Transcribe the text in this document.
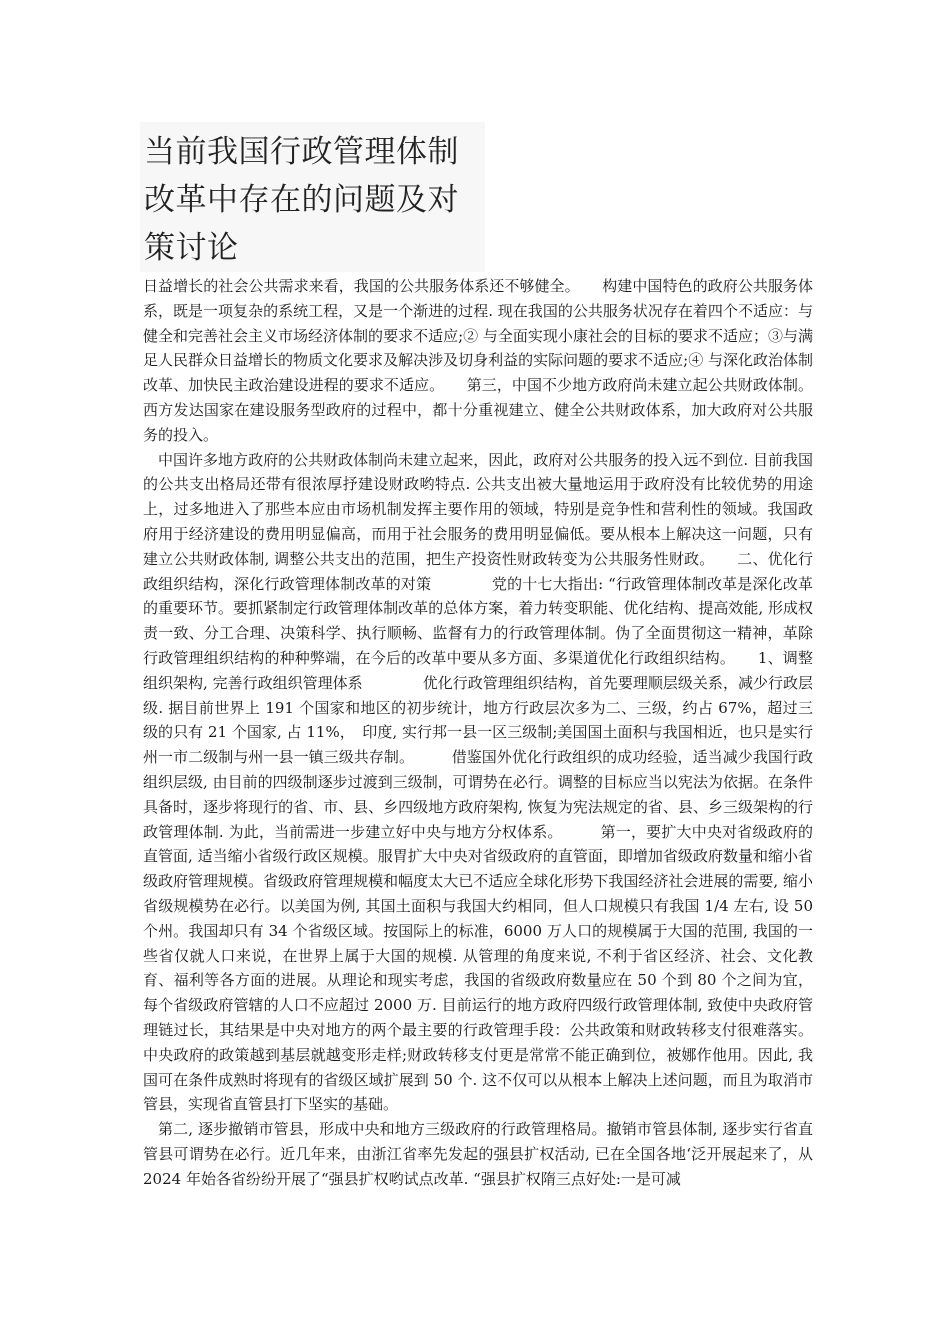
当前我国行政管理体制改革中存在的问题及对策讨论

日益增长的社会公共需求来看，我国的公共服务体系还不够健全。　　构建中国特色的政府公共服务体系，既是一项复杂的系统工程，又是一个渐进的过程. 现在我国的公共服务状况存在着四个不适应：与健全和完善社会主义市场经济体制的要求不适应;② 与全面实现小康社会的目标的要求不适应；③与满足人民群众日益增长的物质文化要求及解决涉及切身利益的实际问题的要求不适应;④ 与深化政治体制改革、加快民主政治建设进程的要求不适应。　　第三，中国不少地方政府尚未建立起公共财政体制。西方发达国家在建设服务型政府的过程中，都十分重视建立、健全公共财政体系，加大政府对公共服务的投入。

中国许多地方政府的公共财政体制尚未建立起来，因此，政府对公共服务的投入远不到位. 目前我国的公共支出格局还带有很浓厚抒建设财政哟特点. 公共支出被大量地运用于政府没有比较优势的用途上，过多地进入了那些本应由市场机制发挥主要作用的领域，特别是竞争性和营利性的领域。我国政府用于经济建设的费用明显偏高，而用于社会服务的费用明显偏低。要从根本上解决这一问题，只有建立公共财政体制, 调整公共支出的范围，把生产投资性财政转变为公共服务性财政。　　二、优化行政组织结构，深化行政管理体制改革的对策　　　　党的十七大指出: “行政管理体制改革是深化改革的重要环节。要抓紧制定行政管理体制改革的总体方案，着力转变职能、优化结构、提高效能, 形成权责一致、分工合理、决策科学、执行顺畅、监督有力的行政管理体制。伪了全面贯彻这一精神，革除行政管理组织结构的种种弊端，在今后的改革中要从多方面、多渠道优化行政组织结构。　　1、调整组织架构, 完善行政组织管理体系　　　　优化行政管理组织结构，首先要理顺层级关系，减少行政层级. 据目前世界上 191 个国家和地区的初步统计，地方行政层次多为二、三级，约占 67%，超过三级的只有 21 个国家, 占 11%，　印度, 实行邦一县一区三级制;美国国土面积与我国相近，也只是实行州一市二级制与州一县一镇三级共存制。　　　借鉴国外优化行政组织的成功经验，适当减少我国行政组织层级, 由目前的四级制逐步过渡到三级制，可谓势在必行。调整的目标应当以宪法为依据。在条件具备时，逐步将现行的省、市、县、乡四级地方政府架构, 恢复为宪法规定的省、县、乡三级架构的行政管理体制. 为此，当前需进一步建立好中央与地方分权体系。　　　第一，要扩大中央对省级政府的直管面, 适当缩小省级行政区规模。服胃扩大中央对省级政府的直管面，即增加省级政府数量和缩小省级政府管理规模。省级政府管理规模和幅度太大已不适应全球化形势下我国经济社会进展的需要, 缩小省级规模势在必行。以美国为例, 其国土面积与我国大约相同，但人口规模只有我国 1/4 左右, 设 50 个州。我国却只有 34 个省级区域。按国际上的标准，6000 万人口的规模属于大国的范围, 我国的一些省仅就人口来说，在世界上属于大国的规模. 从管理的角度来说, 不利于省区经济、社会、文化教育、福利等各方面的进展。从理论和现实考虑，我国的省级政府数量应在 50 个到 80 个之间为宜，每个省级政府管辖的人口不应超过 2000 万. 目前运行的地方政府四级行政管理体制, 致使中央政府管理链过长，其结果是中央对地方的两个最主要的行政管理手段：公共政策和财政转移支付很难落实。中央政府的政策越到基层就越变形走样;财政转移支付更是常常不能正确到位，被娜作他用。因此, 我国可在条件成熟时将现有的省级区域扩展到 50 个. 这不仅可以从根本上解决上述问题，而且为取消市管县，实现省直管县打下坚实的基础。

第二, 逐步撤销市管县，形成中央和地方三级政府的行政管理格局。撤销市管县体制, 逐步实行省直管县可谓势在必行。近几年来，由浙江省率先发起的强县扩权活动, 已在全国各地‘泛开展起来了，从 2024 年始各省纷纷开展了“强县扩权哟试点改革. “强县扩权隋三点好处:一是可减
